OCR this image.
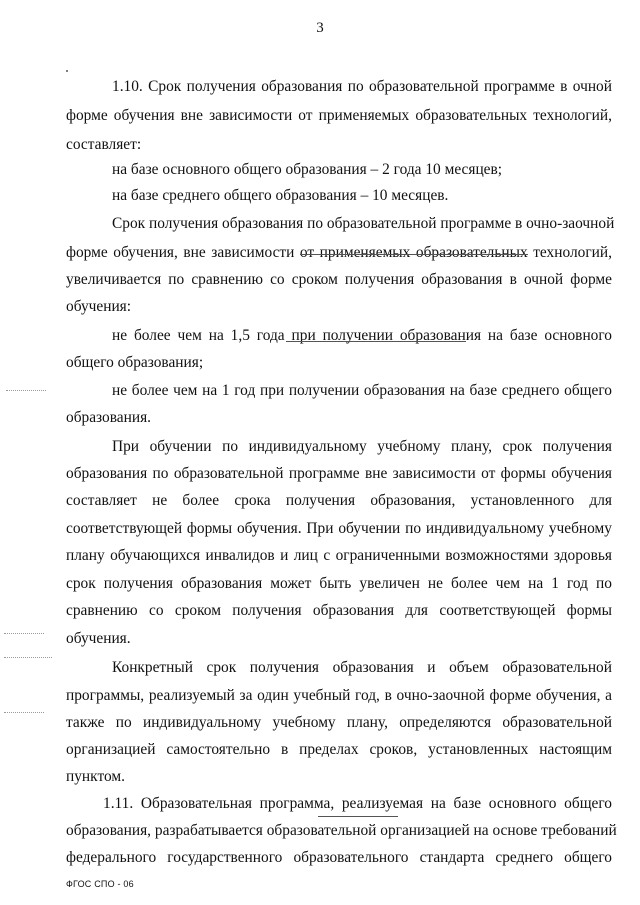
3
1.10. Срок получения образования по образовательной программе в очной
форме обучения вне зависимости от применяемых образовательных технологий,
составляет:
на базе основного общего образования – 2 года 10 месяцев;
на базе среднего общего образования – 10 месяцев.
Срок получения образования по образовательной программе в очно-заочной
форме обучения, вне зависимости от применяемых образовательных технологий,
увеличивается по сравнению со сроком получения образования в очной форме
обучения:
не более чем на 1,5 года при получении образования на базе основного
общего образования;
не более чем на 1 год при получении образования на базе среднего общего
образования.
При обучении по индивидуальному учебному плану, срок получения
образования по образовательной программе вне зависимости от формы обучения
составляет не более срока получения образования, установленного для
соответствующей формы обучения. При обучении по индивидуальному учебному
плану обучающихся инвалидов и лиц с ограниченными возможностями здоровья
срок получения образования может быть увеличен не более чем на 1 год по
сравнению со сроком получения образования для соответствующей формы
обучения.
Конкретный срок получения образования и объем образовательной
программы, реализуемый за один учебный год, в очно-заочной форме обучения, а
также по индивидуальному учебному плану, определяются образовательной
организацией самостоятельно в пределах сроков, установленных настоящим
пунктом.
1.11. Образовательная программа, реализуемая на базе основного общего
образования, разрабатывается образовательной организацией на основе требований
федерального государственного образовательного стандарта среднего общего
ФГОС СПО - 06
